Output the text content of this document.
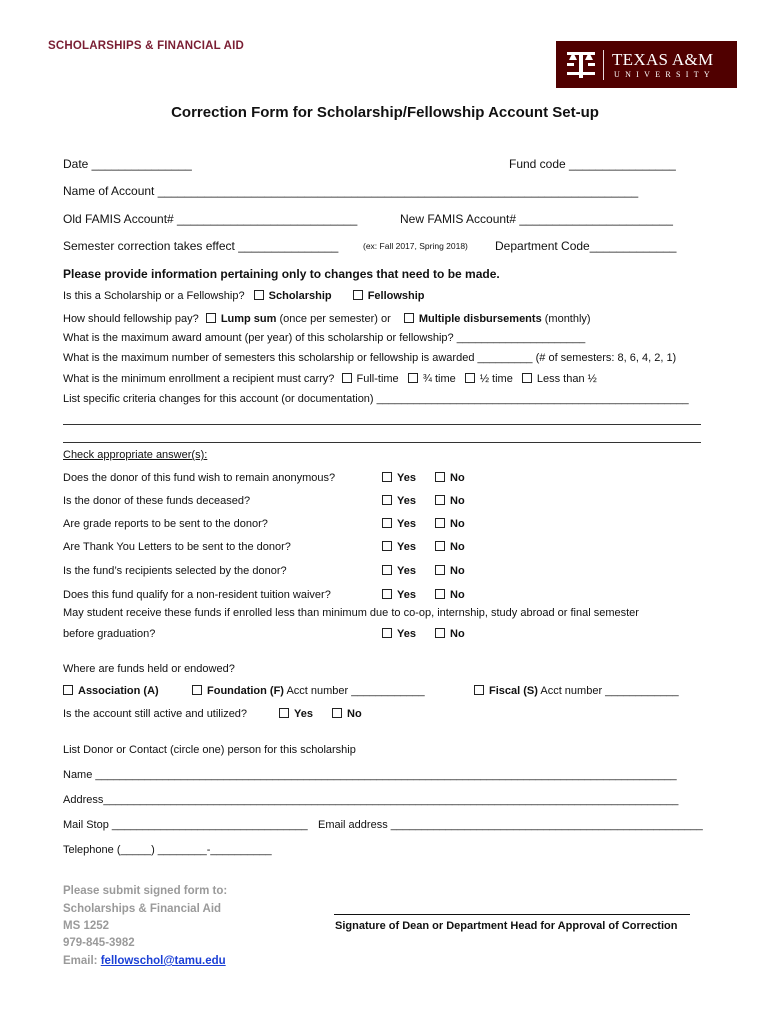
SCHOLARSHIPS & FINANCIAL AID
TEXAS A&M
UNIVERSITY
Correction Form for Scholarship/Fellowship Account Set-up
Date _______________	Fund code ________________
Name of Account ________________________________________________________________________
Old FAMIS Account# ___________________________	New FAMIS Account# _______________________
Semester correction takes effect _______________	(ex: Fall 2017, Spring 2018) Department Code_____________
Please provide information pertaining only to changes that need to be made.
Is this a Scholarship or a Fellowship? Scholarship	Fellowship
How should fellowship pay? Lump sum (once per semester) or	Multiple disbursements (monthly)
What is the maximum award amount (per year) of this scholarship or fellowship? _____________________
What is the maximum number of semesters this scholarship or fellowship is awarded _________ (# of semesters: 8, 6, 4, 2, 1)
What is the minimum enrollment a recipient must carry? Full-time ¾ time ½ time Less than ½
List specific criteria changes for this account (or documentation) ___________________________________________________
Check appropriate answer(s):
Does the donor of this fund wish to remain anonymous?	Yes	No
Is the donor of these funds deceased?	Yes	No
Are grade reports to be sent to the donor?	Yes	No
Are Thank You Letters to be sent to the donor?	Yes	No
Is the fund’s recipients selected by the donor?	Yes	No
Does this fund qualify for a non-resident tuition waiver?	Yes	No
May student receive these funds if enrolled less than minimum due to co-op, internship, study abroad or final semester
before graduation?	Yes	No
Where are funds held or endowed?
Association (A)	Foundation (F) Acct number ____________	Fiscal (S) Acct number ____________
Is the account still active and utilized?	Yes	No
List Donor or Contact (circle one) person for this scholarship
Name _______________________________________________________________________________________________
Address______________________________________________________________________________________________
Mail Stop ________________________________ Email address ___________________________________________________
Telephone (_____) ________-__________
Please submit signed form to:
Scholarships & Financial Aid
MS 1252
979-845-3982
Email: fellowschol@tamu.edu
Signature of Dean or Department Head for Approval of Correction
